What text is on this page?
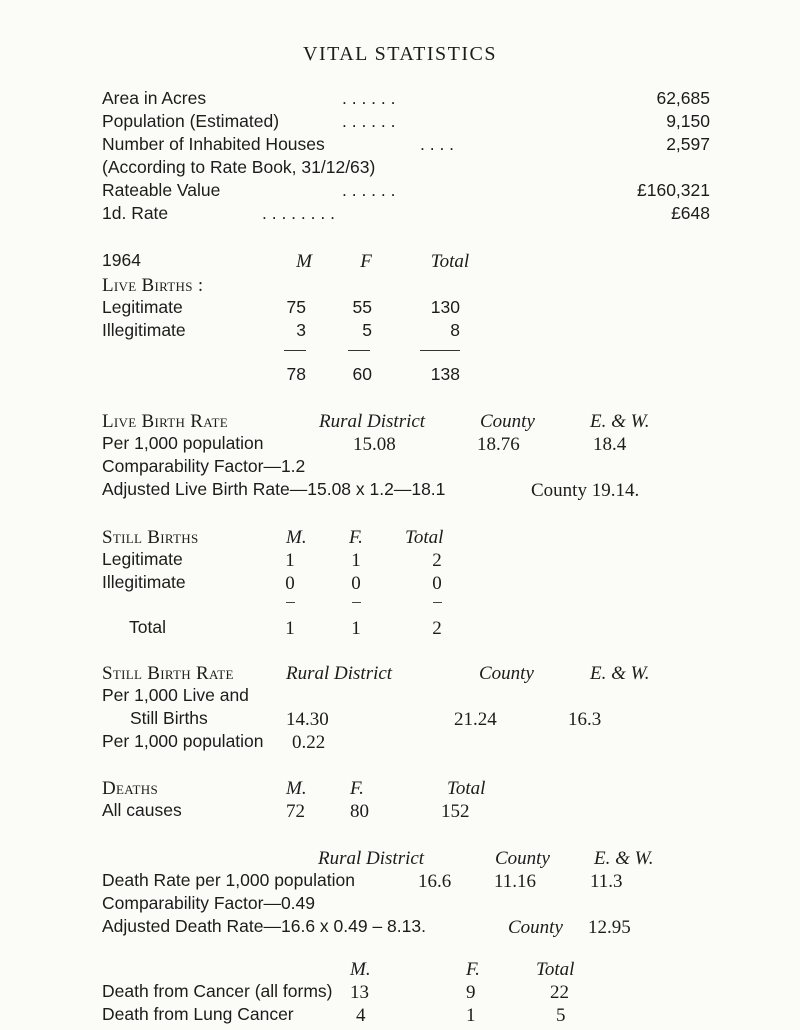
VITAL STATISTICS
Area in Acres	. . . . . .	62,685
Population (Estimated)	. . . . . .	9,150
Number of Inhabited Houses	. . . .	2,597
(According to Rate Book, 31/12/63)
Rateable Value	. . . . . .	£160,321
1d. Rate	. . . . . . . .	£648
1964	M	F	Total
Live Births :
Legitimate	75	55	130
Illegitimate	3	5	8
78	60	138
Live Birth Rate	Rural District	County	E. & W.
Per 1,000 population	15.08	18.76	18.4
Comparability Factor—1.2
Adjusted Live Birth Rate—15.08 x 1.2—18.1	County 19.14.
Still Births	M. F. Total
Legitimate	1	1	2
Illegitimate	0	0	0
Total	1	1	2
Still Birth Rate	Rural District	County	E. & W.
Per 1,000 Live and
Still Births	14.30	21.24	16.3
Per 1,000 population 0.22
Deaths	M. F.	Total
All causes	72 80	152
Rural District	County E. & W.
Death Rate per 1,000 population	16.6 11.16	11.3
Comparability Factor—0.49
Adjusted Death Rate—16.6 x 0.49 – 8.13.	County 12.95
M.	F.	Total
Death from Cancer (all forms) 13	9	22
Death from Lung Cancer	4	1	5
